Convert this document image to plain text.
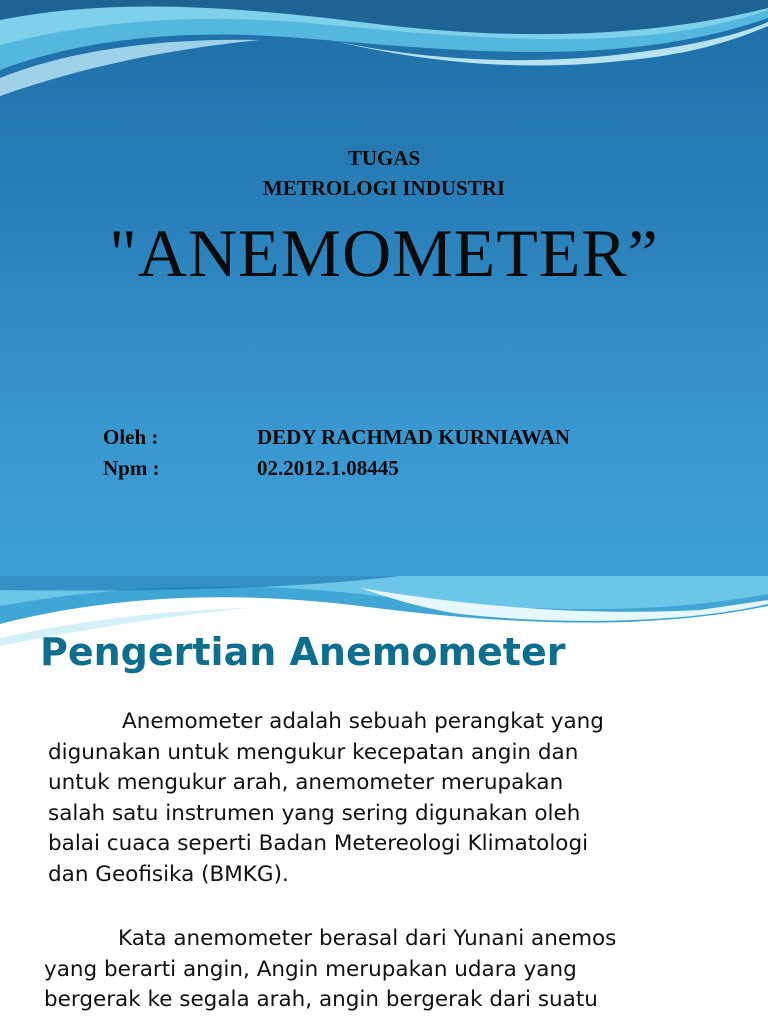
TUGAS
METROLOGI INDUSTRI
"ANEMOMETER”
Oleh :	DEDY RACHMAD KURNIAWAN
Npm :	02.2012.1.08445
Pengertian Anemometer
Anemometer adalah sebuah perangkat yang
digunakan untuk mengukur kecepatan angin dan
untuk mengukur arah, anemometer merupakan
salah satu instrumen yang sering digunakan oleh
balai cuaca seperti Badan Metereologi Klimatologi
dan Geofisika (BMKG).
Kata anemometer berasal dari Yunani anemos
yang berarti angin, Angin merupakan udara yang
bergerak ke segala arah, angin bergerak dari suatu
